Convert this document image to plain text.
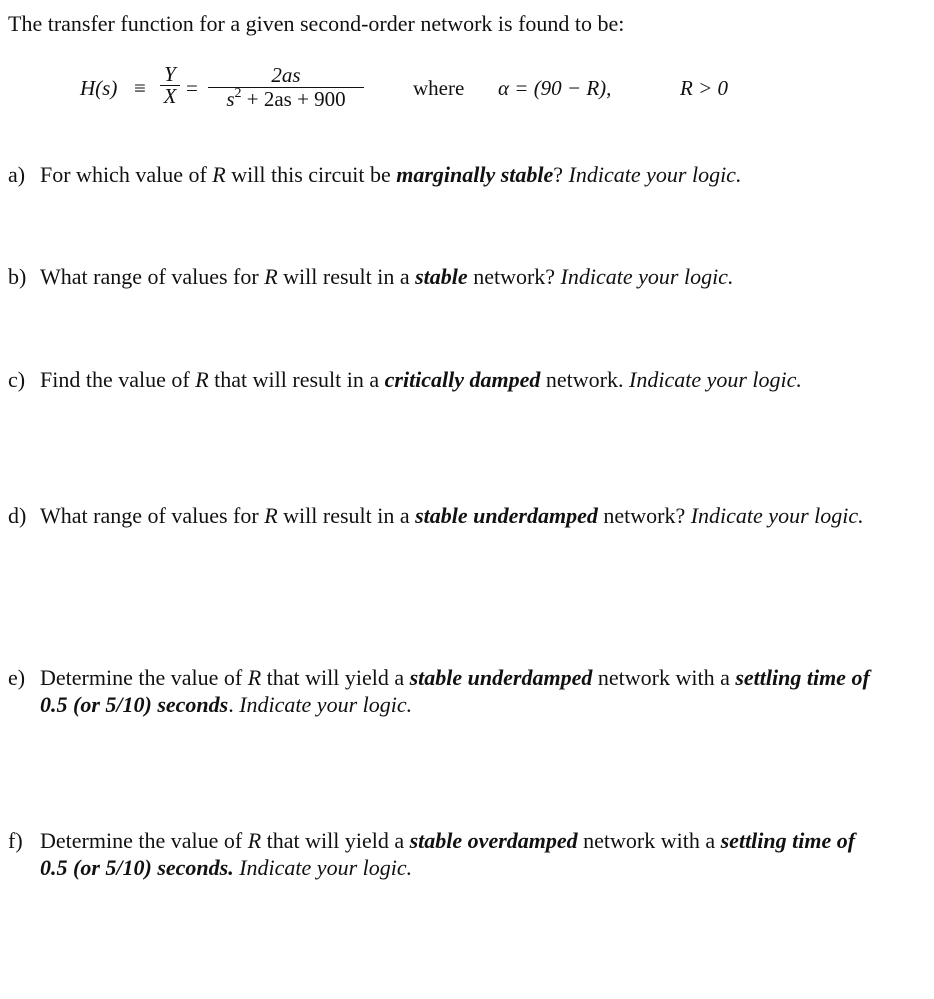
The transfer function for a given second-order network is found to be:
H(s) ≡
Y
X =
2as
$s^2 + 2as + 900$	where α = (90 − R),	R > 0
a) For which value of R will this circuit be marginally stable? Indicate your logic.
b) What range of values for R will result in a stable network? Indicate your logic.
c) Find the value of R that will result in a critically damped network. Indicate your logic.
d) What range of values for R will result in a stable underdamped network? Indicate your logic.
e) Determine the value of R that will yield a stable underdamped network with a settling time of 0.5 (or 5/10) seconds. Indicate your logic.
f) Determine the value of R that will yield a stable overdamped network with a settling time of 0.5 (or 5/10) seconds. Indicate your logic.
